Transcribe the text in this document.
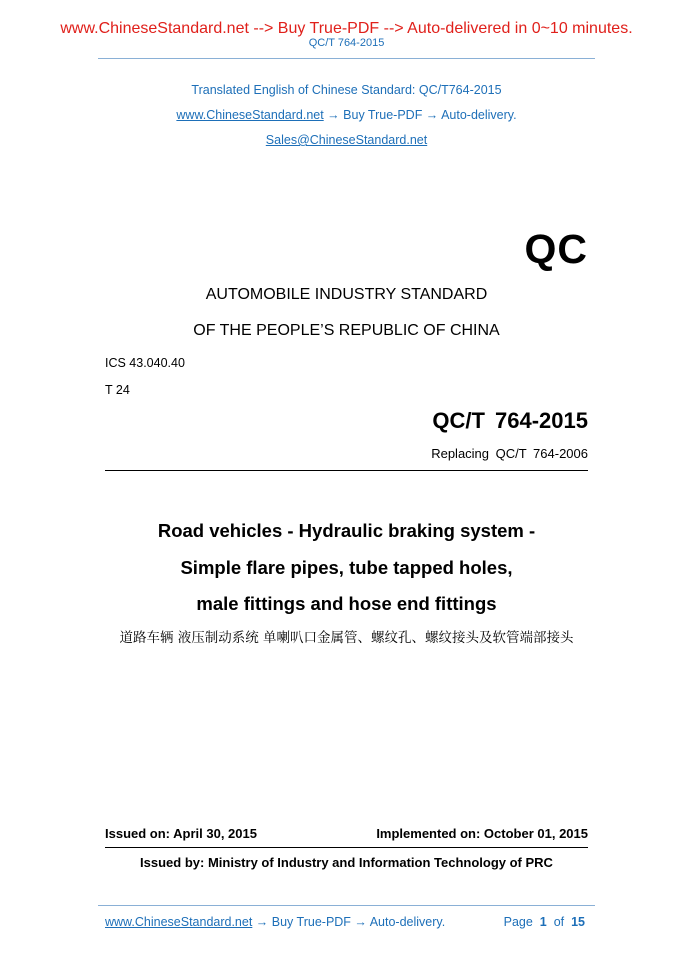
www.ChineseStandard.net --> Buy True-PDF --> Auto-delivered in 0~10 minutes.
QC/T 764-2015
Translated English of Chinese Standard: QC/T764-2015
www.ChineseStandard.net → Buy True-PDF → Auto-delivery.
Sales@ChineseStandard.net
QC
AUTOMOBILE INDUSTRY STANDARD
OF THE PEOPLE’S REPUBLIC OF CHINA
ICS 43.040.40
T 24
QC/T 764-2015
Replacing QC/T 764-2006
Road vehicles - Hydraulic braking system -
Simple flare pipes, tube tapped holes,
male fittings and hose end fittings
道路车辆 液压制动系统 单喇叭口金属管、螺纹孔、螺纹接头及软管端部接头
Issued on: April 30, 2015	Implemented on: October 01, 2015
Issued by: Ministry of Industry and Information Technology of PRC
www.ChineseStandard.net → Buy True-PDF → Auto-delivery.	Page 1 of 15
